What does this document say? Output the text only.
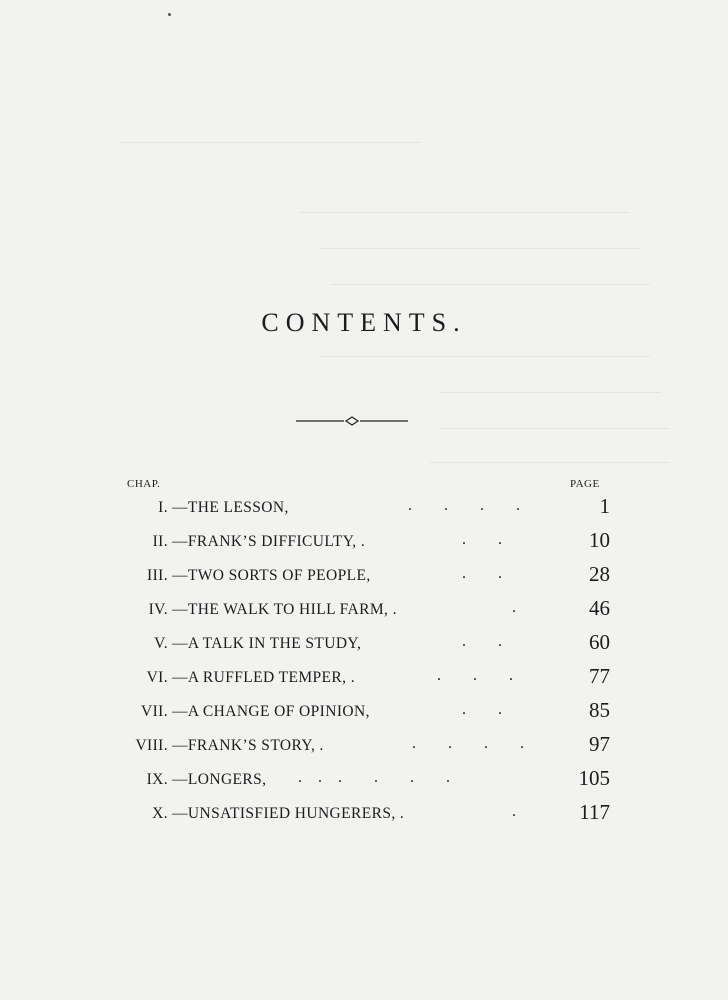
CONTENTS.
CHAP.	PAGE
I. —THE LESSON,	.  .  .  .	1
II. —FRANK’S DIFFICULTY, .	.  .	10
III. —TWO SORTS OF PEOPLE,	.  .	28
IV. —THE WALK TO HILL FARM, .	.	46
V. —A TALK IN THE STUDY,	.  .	60
VI. —A RUFFLED TEMPER, .	.  .  .	77
VII. —A CHANGE OF OPINION,	.  .	85
VIII. —FRANK’S STORY, .	.  .  .  .	97
IX. —LONGERS, .  .  .  .  .  .	105
X. —UNSATISFIED HUNGERERS, .	.	117
